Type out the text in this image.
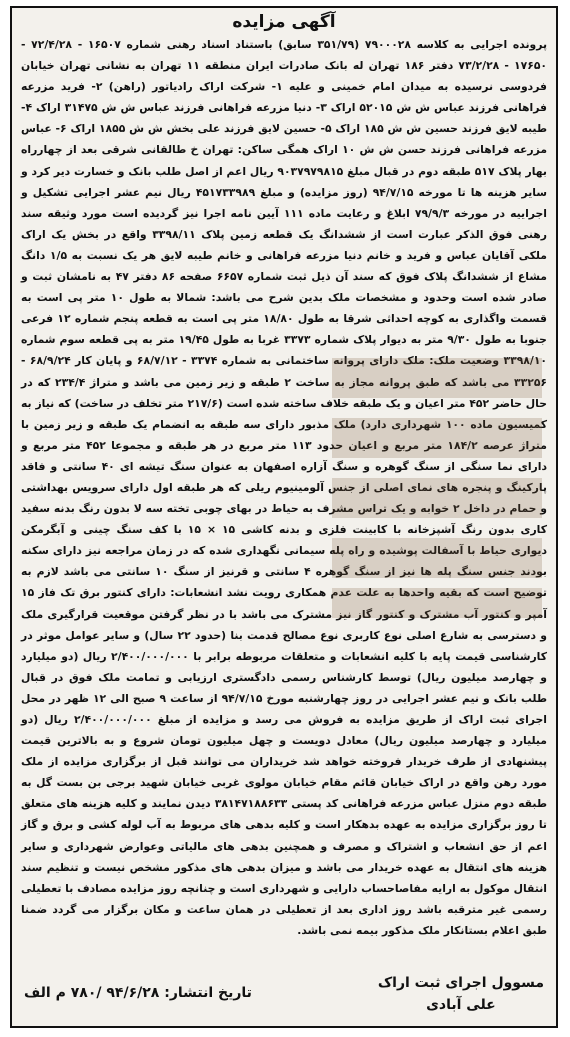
آگهی مزایده

پرونده اجرایی به کلاسه ۷۹۰۰۰۲۸ (۳۵۱/۷۹ سابق) باستناد اسناد رهنی شماره ۱۶۵۰۷ - ۷۲/۴/۲۸ - ۱۷۶۵۰ - ۷۳/۲/۲۸ دفتر ۱۸۶ تهران له بانک صادرات ایران منطقه ۱۱ تهران به نشانی تهران خیابان فردوسی نرسیده به میدان امام خمینی و علیه ۱- شرکت اراک رادیاتور (راهن) ۲- فرید مزرعه فراهانی فرزند عباس ش ش ۵۲۰۱۵ اراک ۳- دنیا مزرعه فراهانی فرزند عباس ش ش ۳۱۴۷۵ اراک ۴- طیبه لایق فرزند حسین ش ش ۱۸۵ اراک ۵- حسین لایق فرزند علی بخش ش ش ۱۸۵۵ اراک ۶- عباس مزرعه فراهانی فرزند حسن ش ش ۱۰ اراک همگی ساکن: تهران خ طالقانی شرقی بعد از چهارراه بهار پلاک ۵۱۷ طبقه دوم در قبال مبلغ ۹۰۳۷۹۷۹۸۱۵ ریال اعم از اصل طلب بانک و خسارت دیر کرد و سایر هزینه ها تا مورخه ۹۴/۷/۱۵ (روز مزایده) و مبلغ ۴۵۱۷۳۳۹۸۹ ریال نیم عشر اجرایی تشکیل و اجراییه در مورخه ۷۹/۹/۳ ابلاغ و رعایت ماده ۱۱۱ آیین نامه اجرا نیز گردیده است مورد وثیقه سند رهنی فوق الذکر عبارت است از ششدانگ یک قطعه زمین پلاک ۳۳۹۸/۱۱ واقع در بخش یک اراک ملکی آقایان عباس و فرید و خانم دنیا مزرعه فراهانی و خانم طیبه لایق هر یک نسبت به ۱/۵ دانگ مشاع از ششدانگ پلاک فوق که سند آن ذیل ثبت شماره ۶۶۵۷ صفحه ۸۶ دفتر ۴۷ به نامشان ثبت و صادر شده است وحدود و مشخصات ملک بدین شرح می باشد: شمالا به طول ۱۰ متر پی است به قسمت واگذاری به کوچه احداثی شرقا به طول ۱۸/۸۰ متر پی است به قطعه پنجم شماره ۱۲ فرعی جنوبا به طول ۹/۳۰ متر به دیوار پلاک شماره ۳۳۷۳ غربا به طول ۱۹/۴۵ متر به پی قطعه سوم شماره ۳۳۹۸/۱۰ وضعیت ملک: ملک دارای پروانه ساختمانی به شماره ۳۳۷۴ - ۶۸/۷/۱۲ و پایان کار ۶۸/۹/۲۴ - ۳۳۲۵۶ می باشد که طبق پروانه مجاز به ساخت ۲ طبقه و زیر زمین می باشد و متراژ ۲۳۴/۴ که در حال حاضر ۴۵۲ متر اعیان و یک طبقه خلاف ساخته شده است (۲۱۷/۶ متر تخلف در ساخت) که نیاز به کمیسیون ماده ۱۰۰ شهرداری دارد) ملک مذبور دارای سه طبقه به انضمام یک طبقه و زیر زمین با متراژ عرصه ۱۸۴/۲ متر مربع و اعیان حدود ۱۱۳ متر مربع در هر طبقه و مجموعا ۴۵۲ متر مربع و دارای نما سنگی از سنگ گوهره و سنگ آزاره اصفهان به عنوان سنگ تیشه ای ۴۰ سانتی و فاقد پارکینگ و پنجره های نمای اصلی از جنس آلومینیوم ریلی که هر طبقه اول دارای سرویس بهداشتی و حمام در داخل ۲ خوابه و یک تراس مشرف به حیاط در بهای چوبی تخته سه لا بدون رنگ بدنه سفید کاری بدون رنگ آشپزخانه با کابینت فلزی و بدنه کاشی ۱۵ × ۱۵ با کف سنگ چینی و آبگرمکن دیواری حیاط با آسفالت پوشیده و راه پله سیمانی نگهداری شده که در زمان مراجعه نیز دارای سکنه بودند جنس سنگ پله ها نیز از سنگ گوهره ۴ سانتی و قرنیز از سنگ ۱۰ سانتی می باشد لازم به توضیح است که بقیه واحدها به علت عدم همکاری رویت نشد انشعابات: دارای کنتور برق تک فاز ۱۵ آمپر و کنتور آب مشترک و کنتور گاز نیز مشترک می باشد با در نظر گرفتن موقعیت قرارگیری ملک و دسترسی به شارع اصلی نوع کاربری نوع مصالح قدمت بنا (حدود ۲۲ سال) و سایر عوامل موثر در کارشناسی قیمت پایه با کلیه انشعابات و متعلقات مربوطه برابر با ۲/۴۰۰/۰۰۰/۰۰۰ ریال (دو میلیارد و چهارصد میلیون ریال) توسط کارشناس رسمی دادگستری ارزیابی و تمامت ملک فوق در قبال طلب بانک و نیم عشر اجرایی در روز چهارشنبه مورخ ۹۴/۷/۱۵ از ساعت ۹ صبح الی ۱۲ ظهر در محل اجرای ثبت اراک از طریق مزایده به فروش می رسد و مزایده از مبلغ ۲/۴۰۰/۰۰۰/۰۰۰ ریال (دو میلیارد و چهارصد میلیون ریال) معادل دویست و چهل میلیون تومان شروع و به بالاترین قیمت پیشنهادی از طرف خریدار فروخته خواهد شد خریداران می توانند قبل از برگزاری مزایده از ملک مورد رهن واقع در اراک خیابان قائم مقام خیابان مولوی غربی خیابان شهید برجی بن بست گل به طبقه دوم منزل عباس مزرعه فراهانی کد پستی ۳۸۱۴۷۱۸۸۶۳۳ دیدن نمایند و کلیه هزینه های متعلق تا روز برگزاری مزایده به عهده بدهکار است و کلیه بدهی های مربوط به آب لوله کشی و برق و گاز اعم از حق انشعاب و اشتراک و مصرف و همچنین بدهی های مالیاتی وعوارض شهرداری و سایر هزینه های انتقال به عهده خریدار می باشد و میزان بدهی های مذکور مشخص نیست و تنظیم سند انتقال موکول به ارایه مفاصاحساب دارایی و شهرداری است و چنانچه روز مزایده مصادف با تعطیلی رسمی غیر مترقبه باشد روز اداری بعد از تعطیلی در همان ساعت و مکان برگزار می گردد ضمنا طبق اعلام بستانکار ملک مذکور بیمه نمی باشد.

مسوول اجرای ثبت اراک
علی آبادی
تاریخ انتشار: ۹۴/۶/۲۸ /۷۸۰ م الف
